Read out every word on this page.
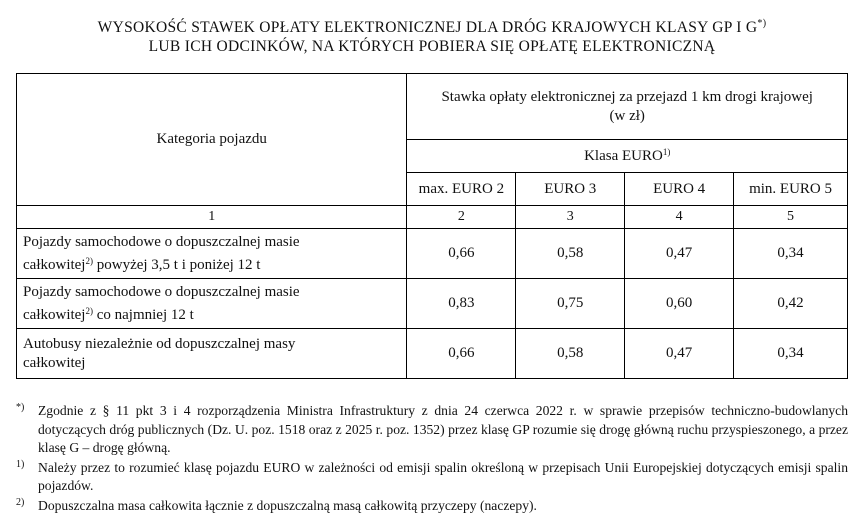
WYSOKOŚĆ STAWEK OPŁATY ELEKTRONICZNEJ DLA DRÓG KRAJOWYCH KLASY GP I G*)
LUB ICH ODCINKÓW, NA KTÓRYCH POBIERA SIĘ OPŁATĘ ELEKTRONICZNĄ
Kategoria pojazdu	Stawka opłaty elektronicznej za przejazd 1 km drogi krajowej
(w zł)			

	Klasa EURO$^{1)}$
	max. EURO 2	EURO 3	EURO 4	min. EURO 5
1	2	3	4	5

Pojazdy samochodowe o dopuszczalnej masie
całkowitej$^{2)}$ powyżej 3,5 t i poniżej 12 t	0,66	0,58	0,47	0,34

Pojazdy samochodowe o dopuszczalnej masie
całkowitej$^{2)}$ co najmniej 12 t	0,83	0,75	0,60	0,42

Autobusy niezależnie od dopuszczalnej masy
całkowitej	0,66	0,58	0,47	0,34
*) Zgodnie z § 11 pkt 3 i 4 rozporządzenia Ministra Infrastruktury z dnia 24 czerwca 2022 r. w sprawie przepisów techniczno-budowlanych dotyczących dróg publicznych (Dz. U. poz. 1518 oraz z 2025 r. poz. 1352) przez klasę GP rozumie się drogę główną ruchu przyspieszonego, a przez klasę G – drogę główną.

1) Należy przez to rozumieć klasę pojazdu EURO w zależności od emisji spalin określoną w przepisach Unii Europejskiej dotyczących emisji spalin pojazdów.

2) Dopuszczalna masa całkowita łącznie z dopuszczalną masą całkowitą przyczepy (naczepy).
